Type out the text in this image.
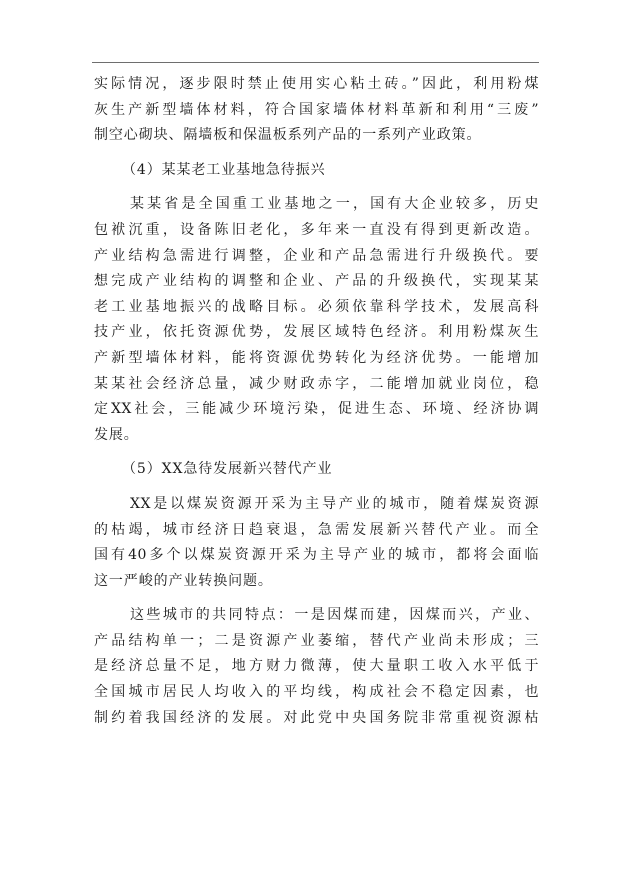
实际情况，逐步限时禁止使用实心粘土砖。”因此，利用粉煤
灰生产新型墙体材料，符合国家墙体材料革新和利用“三废”
制空心砌块、隔墙板和保温板系列产品的一系列产业政策。
（4）某某老工业基地急待振兴
某某省是全国重工业基地之一，国有大企业较多，历史
包袱沉重，设备陈旧老化，多年来一直没有得到更新改造。
产业结构急需进行调整，企业和产品急需进行升级换代。要
想完成产业结构的调整和企业、产品的升级换代，实现某某
老工业基地振兴的战略目标。必须依靠科学技术，发展高科
技产业，依托资源优势，发展区域特色经济。利用粉煤灰生
产新型墙体材料，能将资源优势转化为经济优势。一能增加
某某社会经济总量，减少财政赤字，二能增加就业岗位，稳
定XX社会，三能减少环境污染，促进生态、环境、经济协调
发展。
（5）XX急待发展新兴替代产业
XX是以煤炭资源开采为主导产业的城市，随着煤炭资源
的枯竭，城市经济日趋衰退，急需发展新兴替代产业。而全
国有40多个以煤炭资源开采为主导产业的城市，都将会面临
这一严峻的产业转换问题。
这些城市的共同特点：一是因煤而建，因煤而兴，产业、
产品结构单一；二是资源产业萎缩，替代产业尚未形成；三
是经济总量不足，地方财力微薄，使大量职工收入水平低于
全国城市居民人均收入的平均线，构成社会不稳定因素，也
制约着我国经济的发展。对此党中央国务院非常重视资源枯
